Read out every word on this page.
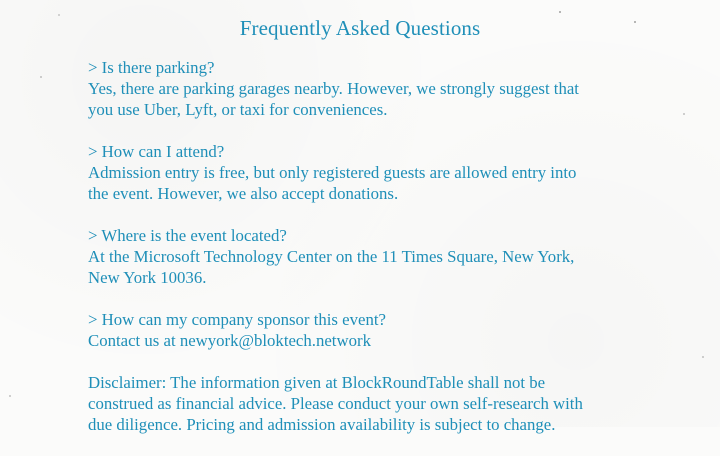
Frequently Asked Questions
> Is there parking?
Yes, there are parking garages nearby. However, we strongly suggest that
you use Uber, Lyft, or taxi for conveniences.
> How can I attend?
Admission entry is free, but only registered guests are allowed entry into
the event. However, we also accept donations.
> Where is the event located?
At the Microsoft Technology Center on the 11 Times Square, New York,
New York 10036.
> How can my company sponsor this event?
Contact us at newyork@bloktech.network
Disclaimer: The information given at BlockRoundTable shall not be
construed as financial advice. Please conduct your own self-research with
due diligence. Pricing and admission availability is subject to change.
